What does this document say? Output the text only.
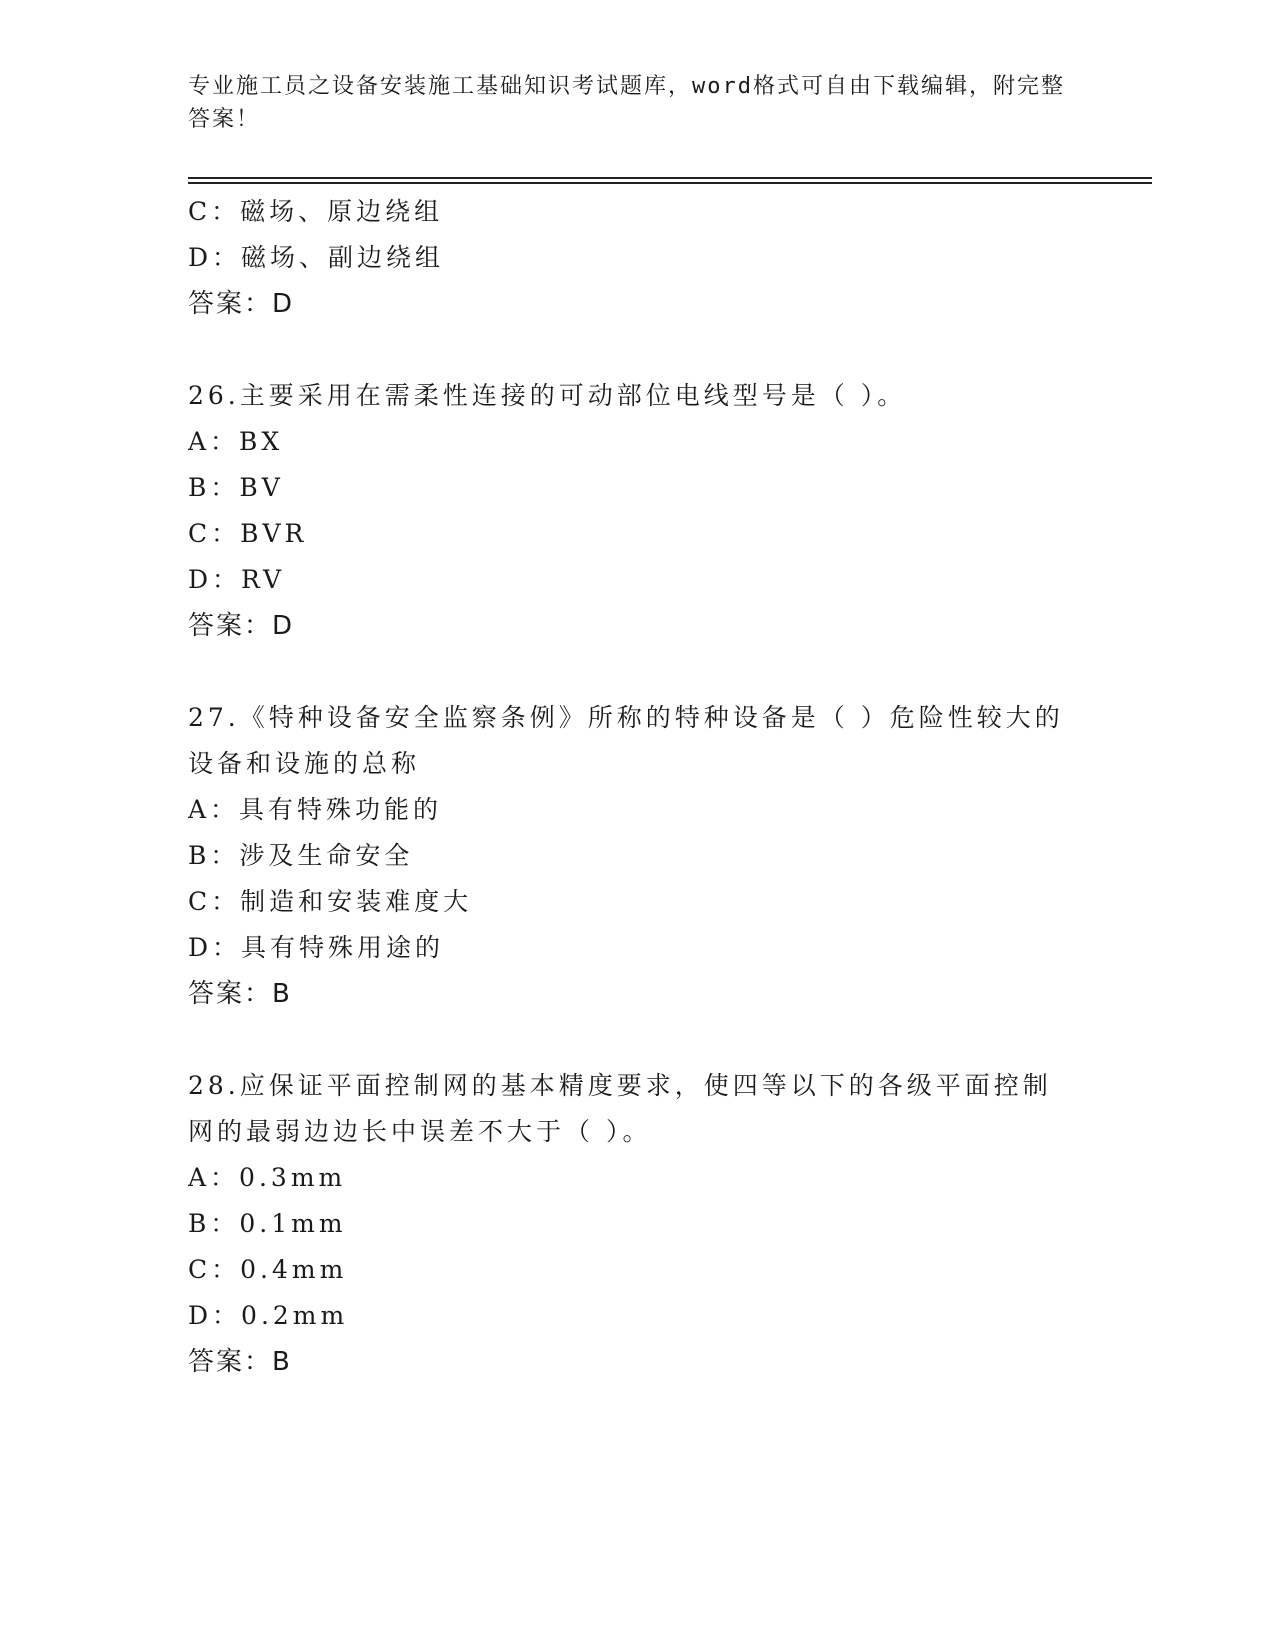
专业施工员之设备安装施工基础知识考试题库，word格式可自由下载编辑，附完整答案！
C：磁场、原边绕组
D：磁场、副边绕组
答案：D
26.主要采用在需柔性连接的可动部位电线型号是（ ）。
A：BX
B：BV
C：BVR
D：RV
答案：D
27.《特种设备安全监察条例》所称的特种设备是（ ）危险性较大的设备和设施的总称
A：具有特殊功能的
B：涉及生命安全
C：制造和安装难度大
D：具有特殊用途的
答案：B
28.应保证平面控制网的基本精度要求，使四等以下的各级平面控制网的最弱边边长中误差不大于（ ）。
A：0.3mm
B：0.1mm
C：0.4mm
D：0.2mm
答案：B
